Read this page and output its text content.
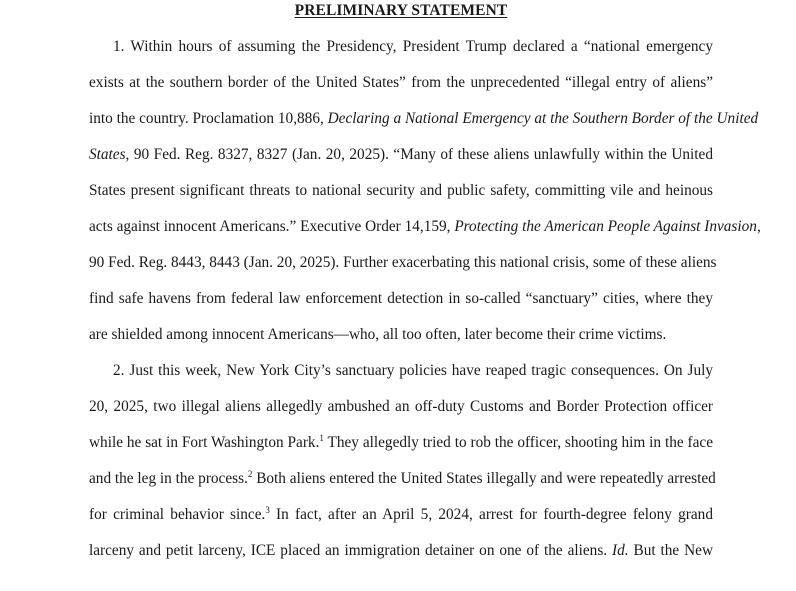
PRELIMINARY STATEMENT
1. Within hours of assuming the Presidency, President Trump declared a “national emergency
exists at the southern border of the United States” from the unprecedented “illegal entry of aliens”
into the country. Proclamation 10,886, Declaring a National Emergency at the Southern Border of the United
States, 90 Fed. Reg. 8327, 8327 (Jan. 20, 2025). “Many of these aliens unlawfully within the United
States present significant threats to national security and public safety, committing vile and heinous
acts against innocent Americans.” Executive Order 14,159, Protecting the American People Against Invasion,
90 Fed. Reg. 8443, 8443 (Jan. 20, 2025). Further exacerbating this national crisis, some of these aliens
find safe havens from federal law enforcement detection in so-called “sanctuary” cities, where they
are shielded among innocent Americans—who, all too often, later become their crime victims.
2. Just this week, New York City’s sanctuary policies have reaped tragic consequences. On July
20, 2025, two illegal aliens allegedly ambushed an off-duty Customs and Border Protection officer
while he sat in Fort Washington Park.$^1$ They allegedly tried to rob the officer, shooting him in the face
and the leg in the process.$^2$ Both aliens entered the United States illegally and were repeatedly arrested
for criminal behavior since.$^3$ In fact, after an April 5, 2024, arrest for fourth-degree felony grand
larceny and petit larceny, ICE placed an immigration detainer on one of the aliens. Id. But the New
